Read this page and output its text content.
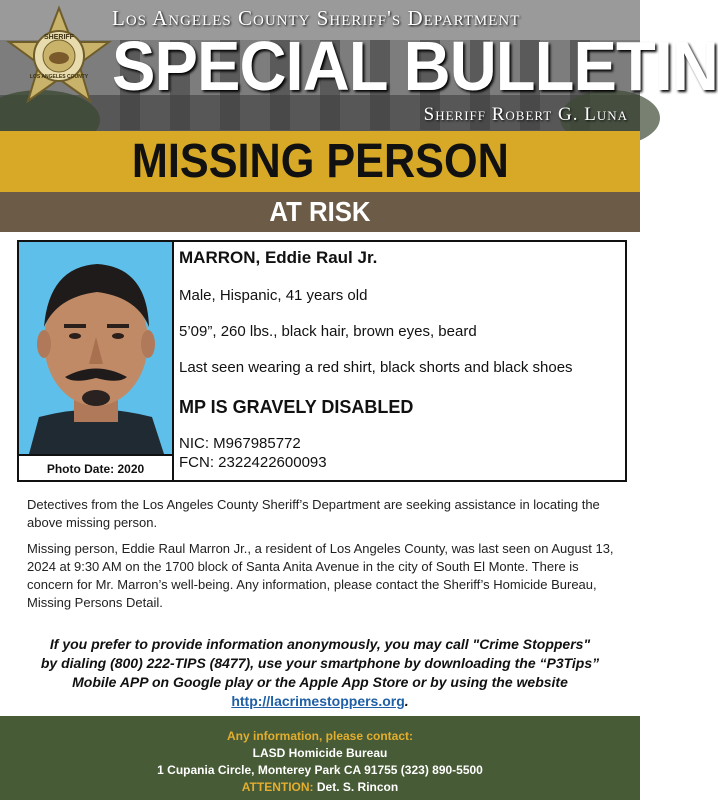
SHERIFF
LOS ANGELES COUNTY
Los Angeles County Sheriff's Department
SPECIAL BULLETIN
Sheriff Robert G. Luna
MISSING PERSON
AT RISK
Photo Date: 2020
MARRON, Eddie Raul Jr.
Male, Hispanic, 41 years old
5’09”, 260 lbs., black hair, brown eyes, beard
Last seen wearing a red shirt, black shorts and black shoes
MP IS GRAVELY DISABLED
NIC: M967985772
FCN: 2322422600093
Detectives from the Los Angeles County Sheriff’s Department are seeking assistance in locating the above missing person.
Missing person, Eddie Raul Marron Jr., a resident of Los Angeles County, was last seen on August 13, 2024 at 9:30 AM on the 1700 block of Santa Anita Avenue in the city of South El Monte. There is concern for Mr. Marron’s well-being. Any information, please contact the Sheriff’s Homicide Bureau, Missing Persons Detail.
If you prefer to provide information anonymously, you may call "Crime Stoppers"
by dialing (800) 222-TIPS (8477), use your smartphone by downloading the “P3Tips”
Mobile APP on Google play or the Apple App Store or by using the website
http://lacrimestoppers.org.
Any information, please contact:
LASD Homicide Bureau
1 Cupania Circle, Monterey Park CA 91755 (323) 890-5500
ATTENTION: Det. S. Rincon
